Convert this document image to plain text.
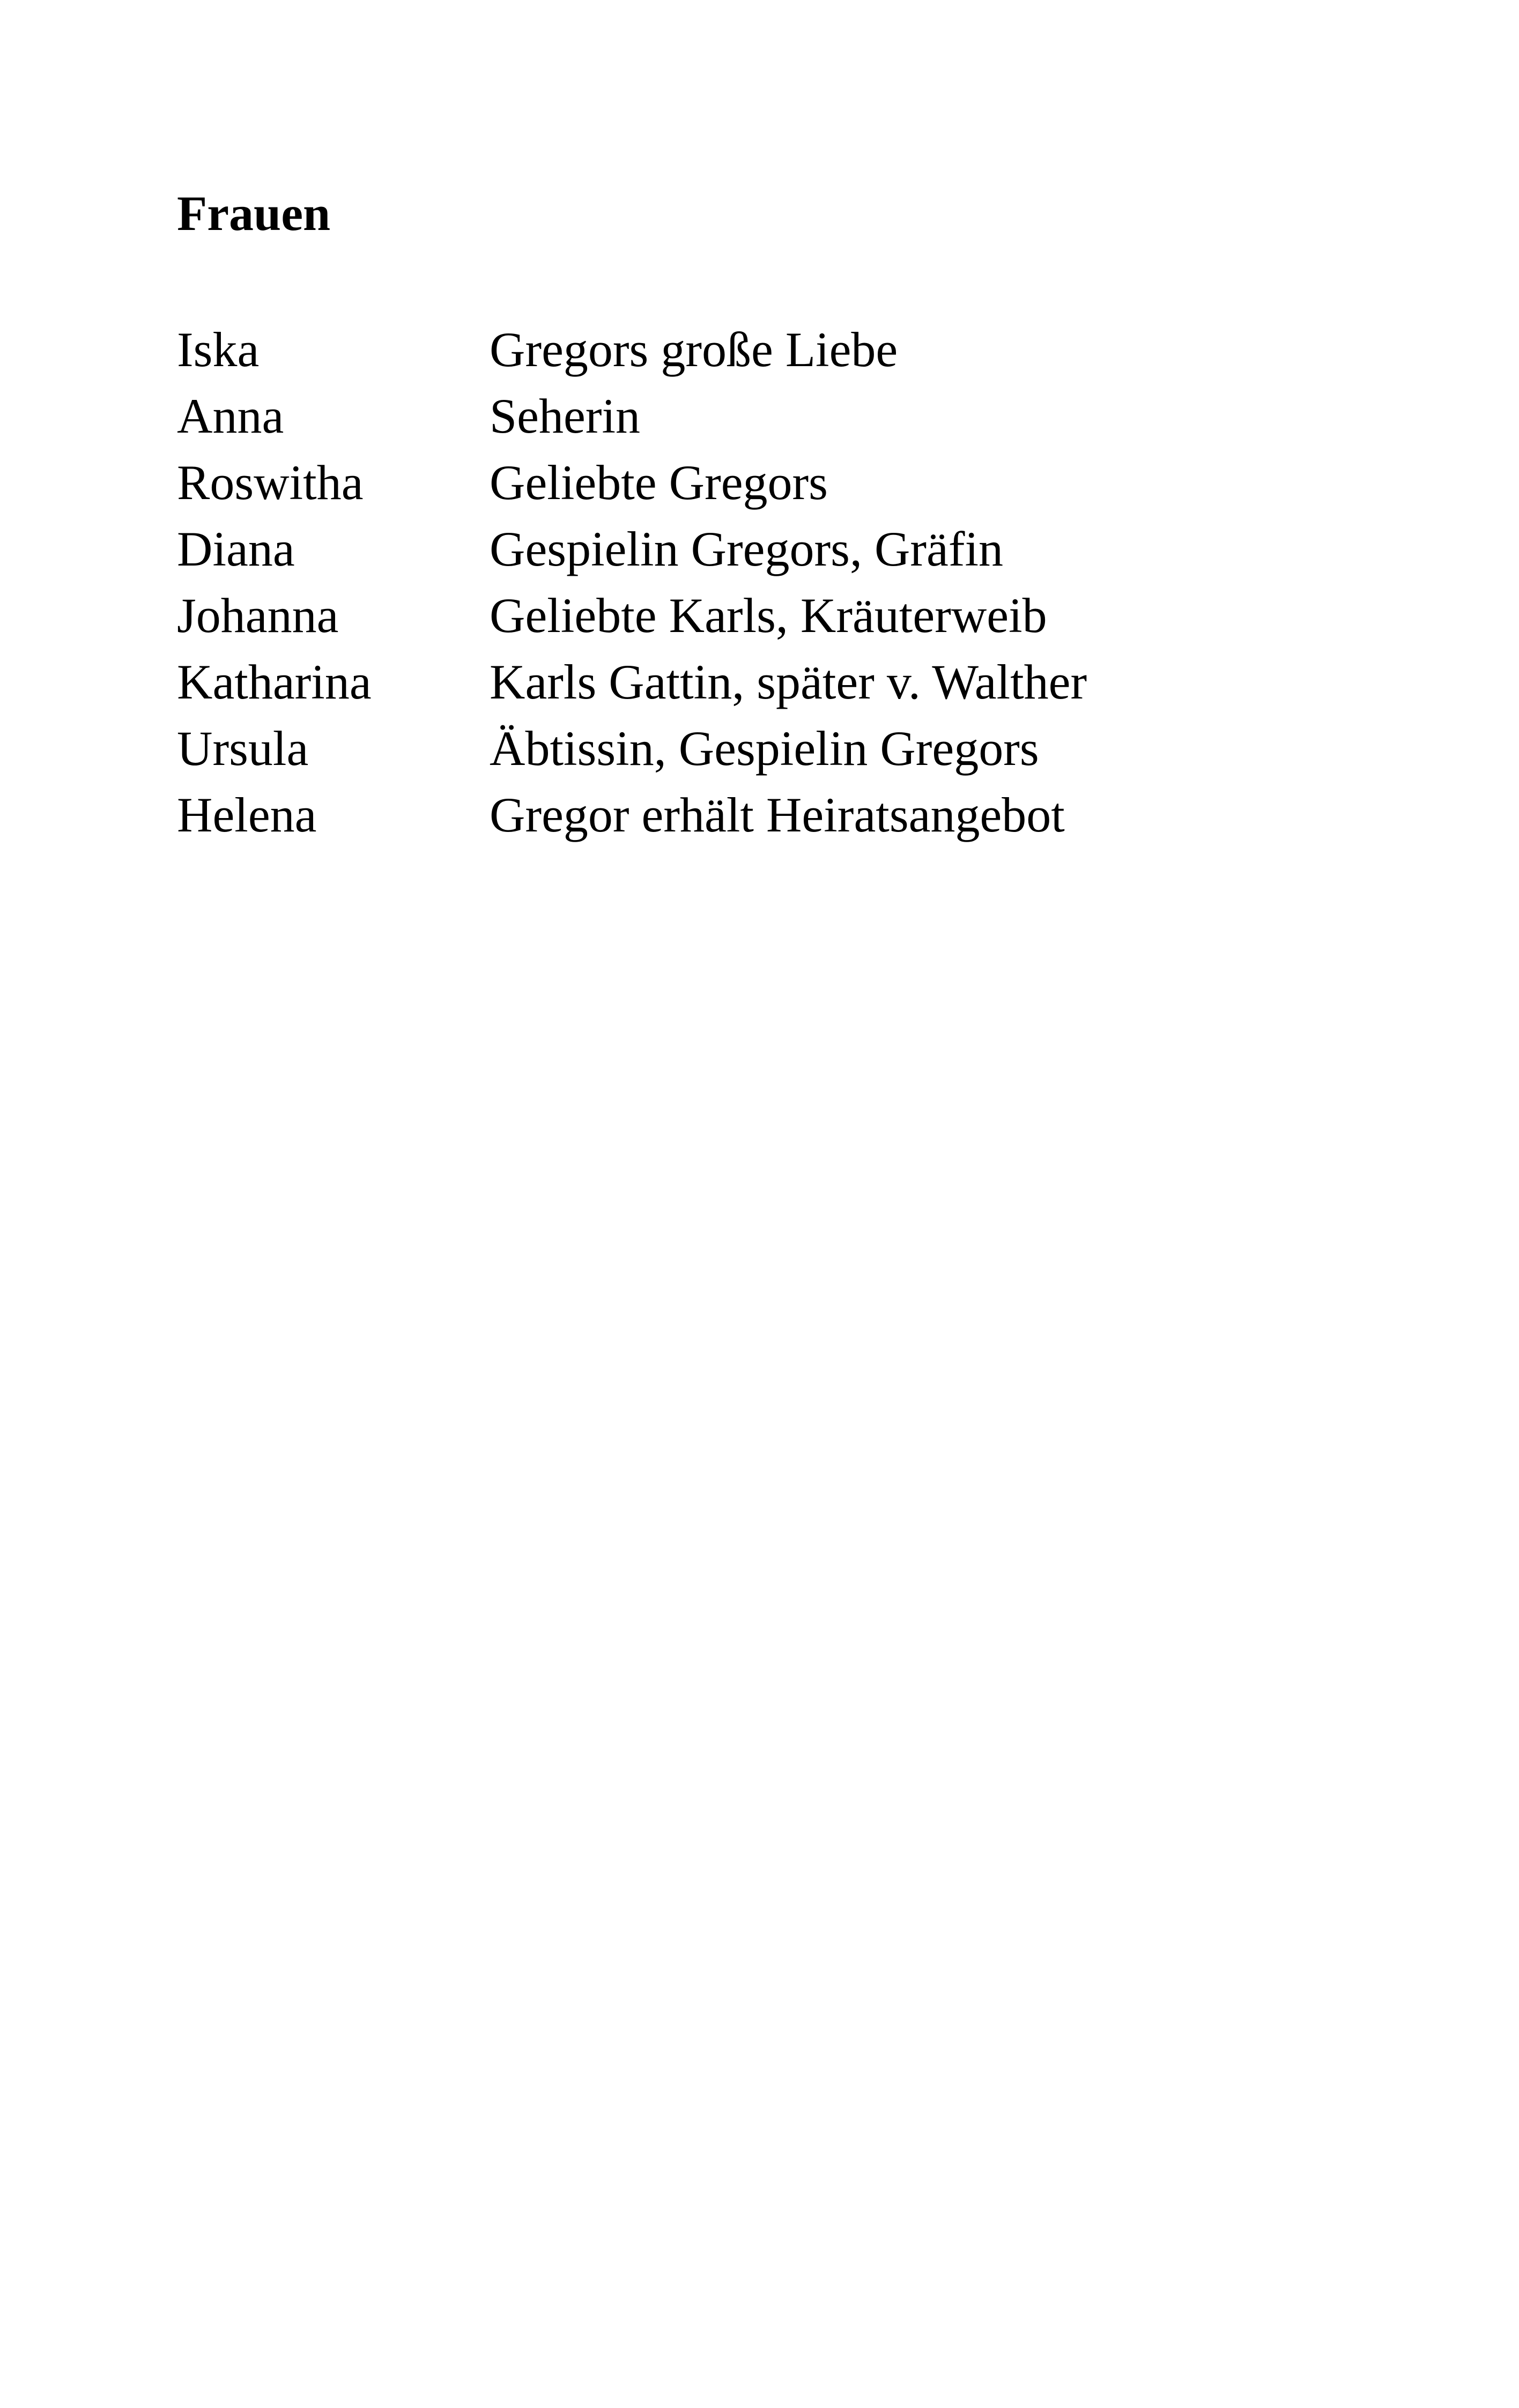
Frauen
Iska	Gregors große Liebe
Anna	Seherin
Roswitha	Geliebte Gregors
Diana	Gespielin Gregors, Gräfin
Johanna	Geliebte Karls, Kräuterweib
Katharina	Karls Gattin, später v. Walther
Ursula	Äbtissin, Gespielin Gregors
Helena	Gregor erhält Heiratsangebot
